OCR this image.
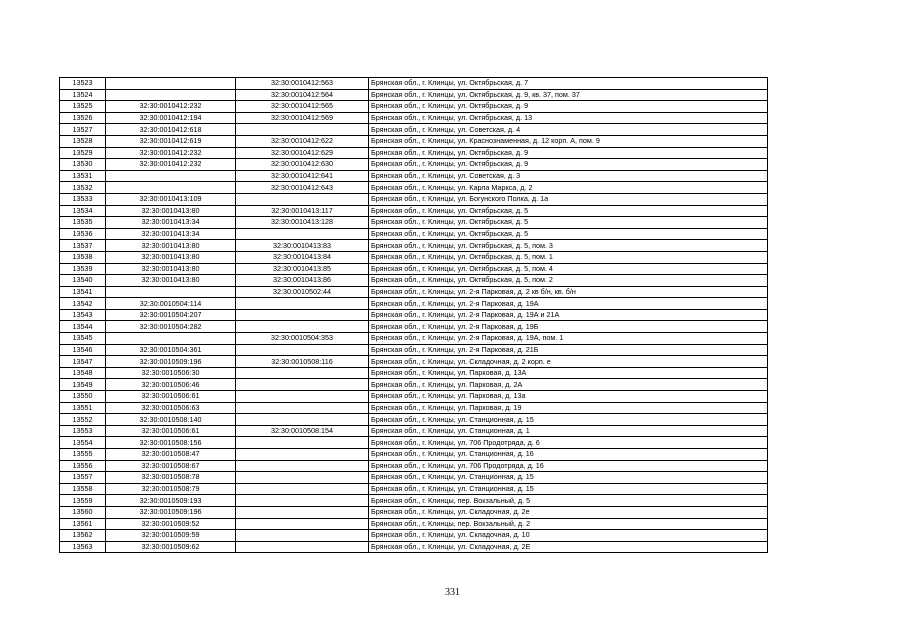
13523		32:30:0010412:563	Брянская обл., г. Клинцы, ул. Октябрьская, д. 7
13524		32:30:0010412:564	Брянская обл., г. Клинцы, ул. Октябрьская, д. 9, кв. 37, пом. 37
13525	32:30:0010412:232	32:30:0010412:565	Брянская обл., г. Клинцы, ул. Октябрьская, д. 9
13526	32:30:0010412:194	32:30:0010412:569	Брянская обл., г. Клинцы, ул. Октябрьская, д. 13
13527	32:30:0010412:618		Брянская обл., г. Клинцы, ул. Советская, д. 4
13528	32:30:0010412:619	32:30:0010412:622	Брянская обл., г. Клинцы, ул. Краснознаменная, д. 12 корп. А, пом. 9
13529	32:30:0010412:232	32:30:0010412:629	Брянская обл., г. Клинцы, ул. Октябрьская, д. 9
13530	32:30:0010412:232	32:30:0010412:630	Брянская обл., г. Клинцы, ул. Октябрьская, д. 9
13531		32:30:0010412:641	Брянская обл., г. Клинцы, ул. Советская, д. 3
13532		32:30:0010412:643	Брянская обл., г. Клинцы, ул. Карла Маркса, д. 2
13533	32:30:0010413:109		Брянская обл., г. Клинцы, ул. Богунского Полка, д. 1а
13534	32:30:0010413:80	32:30:0010413:117	Брянская обл., г. Клинцы, ул. Октябрьская, д. 5
13535	32:30:0010413:34	32:30:0010413:128	Брянская обл., г. Клинцы, ул. Октябрьская, д. 5
13536	32:30:0010413:34		Брянская обл., г. Клинцы, ул. Октябрьская, д. 5
13537	32:30:0010413:80	32:30:0010413:83	Брянская обл., г. Клинцы, ул. Октябрьская, д. 5, пом. 3
13538	32:30:0010413:80	32:30:0010413:84	Брянская обл., г. Клинцы, ул. Октябрьская, д. 5, пом. 1
13539	32:30:0010413:80	32:30:0010413:85	Брянская обл., г. Клинцы, ул. Октябрьская, д. 5, пом. 4
13540	32:30:0010413:80	32:30:0010413:86	Брянская обл., г. Клинцы, ул. Октябрьская, д. 5, пом. 2
13541		32:30:0010502:44	Брянская обл., г. Клинцы, ул. 2-я Парковая, д. 2 кв б/н, кв. б/н
13542	32:30:0010504:114		Брянская обл., г. Клинцы, ул. 2-я Парковая, д. 19А
13543	32:30:0010504:207		Брянская обл., г. Клинцы, ул. 2-я Парковая, д. 19А и 21А
13544	32:30:0010504:282		Брянская обл., г. Клинцы, ул. 2-я Парковая, д. 19Б
13545		32:30:0010504:353	Брянская обл., г. Клинцы, ул. 2-я Парковая, д. 19А, пом. 1
13546	32:30:0010504:361		Брянская обл., г. Клинцы, ул. 2-я Парковая, д. 21Б
13547	32:30:0010509:196	32:30:0010508:116	Брянская обл., г. Клинцы, ул. Складочная, д. 2 корп. е
13548	32:30:0010506:30		Брянская обл., г. Клинцы, ул. Парковая, д. 13А
13549	32:30:0010506:46		Брянская обл., г. Клинцы, ул. Парковая, д. 2А
13550	32:30:0010506:61		Брянская обл., г. Клинцы, ул. Парковая, д. 13а
13551	32:30:0010506:63		Брянская обл., г. Клинцы, ул. Парковая, д. 19
13552	32:30:0010508:140		Брянская обл., г. Клинцы, ул. Станционная, д. 15
13553	32:30:0010506:61	32:30:0010508:154	Брянская обл., г. Клинцы, ул. Станционная, д. 1
13554	32:30:0010508:156		Брянская обл., г. Клинцы, ул. 706 Продотряда, д. 6
13555	32:30:0010508:47		Брянская обл., г. Клинцы, ул. Станционная, д. 16
13556	32:30:0010508:67		Брянская обл., г. Клинцы, ул. 706 Продотряда, д. 16
13557	32:30:0010508:78		Брянская обл., г. Клинцы, ул. Станционная, д. 15
13558	32:30:0010508:79		Брянская обл., г. Клинцы, ул. Станционная, д. 15
13559	32:30:0010509:193		Брянская обл., г. Клинцы, пер. Вокзальный, д. 5
13560	32:30:0010509:196		Брянская обл., г. Клинцы, ул. Складочная, д. 2е
13561	32:30:0010509:52		Брянская обл., г. Клинцы, пер. Вокзальный, д. 2
13562	32:30:0010509:59		Брянская обл., г. Клинцы, ул. Складочная, д. 10
13563	32:30:0010509:62		Брянская обл., г. Клинцы, ул. Складочная, д. 2Е
331
